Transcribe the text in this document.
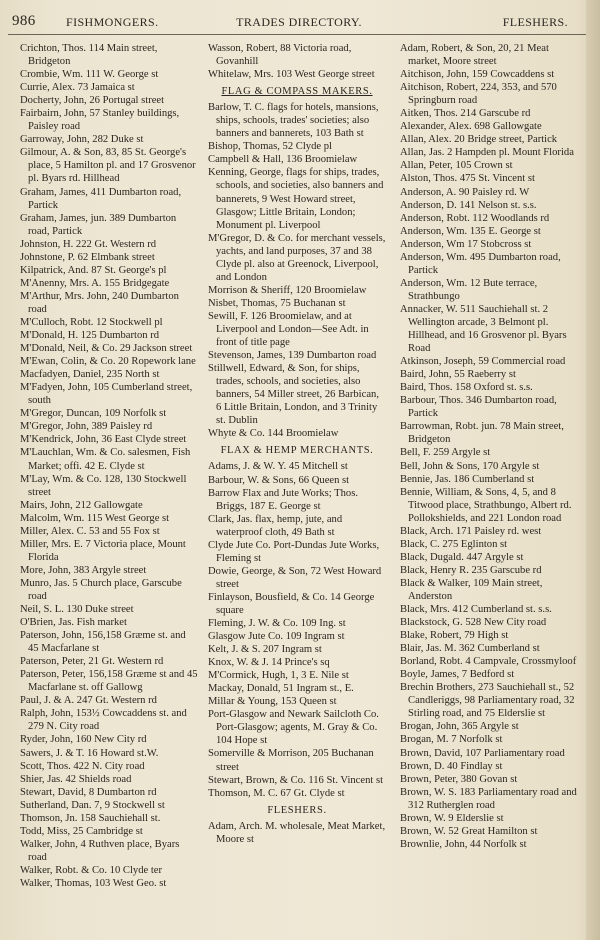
986	FISHMONGERS.	TRADES DIRECTORY.	FLESHERS.

Crichton, Thos. 114 Main street, Bridgeton

Crombie, Wm. 111 W. George st

Currie, Alex. 73 Jamaica st

Docherty, John, 26 Portugal street

Fairbairn, John, 57 Stanley buildings, Paisley road

Garroway, John, 282 Duke st

Gilmour, A. & Son, 83, 85 St. George's place, 5 Hamilton pl. and 17 Grosvenor pl. Byars rd. Hillhead

Graham, James, 411 Dumbarton road, Partick

Graham, James, jun. 389 Dumbarton road, Partick

Johnston, H. 222 Gt. Western rd

Johnstone, P. 62 Elmbank street

Kilpatrick, And. 87 St. George's pl

M'Anenny, Mrs. A. 155 Bridgegate

M'Arthur, Mrs. John, 240 Dumbarton road

M'Culloch, Robt. 12 Stockwell pl

M'Donald, H. 125 Dumbarton rd

M'Donald, Neil, & Co. 29 Jackson street

M'Ewan, Colin, & Co. 20 Ropework lane

Macfadyen, Daniel, 235 North st

M'Fadyen, John, 105 Cumberland street, south

M'Gregor, Duncan, 109 Norfolk st

M'Gregor, John, 389 Paisley rd

M'Kendrick, John, 36 East Clyde street

M'Lauchlan, Wm. & Co. salesmen, Fish Market; offi. 42 E. Clyde st

M'Lay, Wm. & Co. 128, 130 Stockwell street

Mairs, John, 212 Gallowgate

Malcolm, Wm. 115 West George st

Miller, Alex. C. 53 and 55 Fox st

Miller, Mrs. E. 7 Victoria place, Mount Florida

More, John, 383 Argyle street

Munro, Jas. 5 Church place, Garscube road

Neil, S. L. 130 Duke street

O'Brien, Jas. Fish market

Paterson, John, 156,158 Græme st. and 45 Macfarlane st

Paterson, Peter, 21 Gt. Western rd

Paterson, Peter, 156,158 Græme st and 45 Macfarlane st. off Gallowg

Paul, J. & A. 247 Gt. Western rd

Ralph, John, 153½ Cowcaddens st. and 279 N. City road

Ryder, John, 160 New City rd

Sawers, J. & T. 16 Howard st.W.

Scott, Thos. 422 N. City road

Shier, Jas. 42 Shields road

Stewart, David, 8 Dumbarton rd

Sutherland, Dan. 7, 9 Stockwell st

Thomson, Jn. 158 Sauchiehall st.

Todd, Miss, 25 Cambridge st

Walker, John, 4 Ruthven place, Byars road

Walker, Robt. & Co. 10 Clyde ter

Walker, Thomas, 103 West Geo. st

Wasson, Robert, 88 Victoria road, Govanhill

Whitelaw, Mrs. 103 West George street

FLAG & COMPASS MAKERS.

Barlow, T. C. flags for hotels, mansions, ships, schools, trades' societies; also banners and bannerets, 103 Bath st

Bishop, Thomas, 52 Clyde pl

Campbell & Hall, 136 Broomielaw

Kenning, George, flags for ships, trades, schools, and societies, also banners and bannerets, 9 West Howard street, Glasgow; Little Britain, London; Monument pl. Liverpool

M'Gregor, D. & Co. for merchant vessels, yachts, and land purposes, 37 and 38 Clyde pl. also at Greenock, Liverpool, and London

Morrison & Sheriff, 120 Broomielaw

Nisbet, Thomas, 75 Buchanan st

Sewill, F. 126 Broomielaw, and at Liverpool and London—See Adt. in front of title page

Stevenson, James, 139 Dumbarton road

Stillwell, Edward, & Son, for ships, trades, schools, and societies, also banners, 54 Miller street, 26 Barbican, 6 Little Britain, London, and 3 Trinity st. Dublin

Whyte & Co. 144 Broomielaw

FLAX & HEMP MERCHANTS.

Adams, J. & W. Y. 45 Mitchell st

Barbour, W. & Sons, 66 Queen st

Barrow Flax and Jute Works; Thos. Briggs, 187 E. George st

Clark, Jas. flax, hemp, jute, and waterproof cloth, 49 Bath st

Clyde Jute Co. Port-Dundas Jute Works, Fleming st

Dowie, George, & Son, 72 West Howard street

Finlayson, Bousfield, & Co. 14 George square

Fleming, J. W. & Co. 109 Ing. st

Glasgow Jute Co. 109 Ingram st

Kelt, J. & S. 207 Ingram st

Knox, W. & J. 14 Prince's sq

M'Cormick, Hugh, 1, 3 E. Nile st

Mackay, Donald, 51 Ingram st., E.

Millar & Young, 153 Queen st

Port-Glasgow and Newark Sailcloth Co. Port-Glasgow; agents, M. Gray & Co. 104 Hope st

Somerville & Morrison, 205 Buchanan street

Stewart, Brown, & Co. 116 St. Vincent st

Thomson, M. C. 67 Gt. Clyde st

FLESHERS.

Adam, Arch. M. wholesale, Meat Market, Moore st

Adam, Robert, & Son, 20, 21 Meat market, Moore street

Aitchison, John, 159 Cowcaddens st

Aitchison, Robert, 224, 353, and 570 Springburn road

Aitken, Thos. 214 Garscube rd

Alexander, Alex. 698 Gallowgate

Allan, Alex. 20 Bridge street, Partick

Allan, Jas. 2 Hampden pl. Mount Florida

Allan, Peter, 105 Crown st

Alston, Thos. 475 St. Vincent st

Anderson, A. 90 Paisley rd. W

Anderson, D. 141 Nelson st. s.s.

Anderson, Robt. 112 Woodlands rd

Anderson, Wm. 135 E. George st

Anderson, Wm 17 Stobcross st

Anderson, Wm. 495 Dumbarton road, Partick

Anderson, Wm. 12 Bute terrace, Strathbungo

Annacker, W. 511 Sauchiehall st. 2 Wellington arcade, 3 Belmont pl. Hillhead, and 16 Grosvenor pl. Byars Road

Atkinson, Joseph, 59 Commercial road

Baird, John, 55 Raeberry st

Baird, Thos. 158 Oxford st. s.s.

Barbour, Thos. 346 Dumbarton road, Partick

Barrowman, Robt. jun. 78 Main street, Bridgeton

Bell, F. 259 Argyle st

Bell, John & Sons, 170 Argyle st

Bennie, Jas. 186 Cumberland st

Bennie, William, & Sons, 4, 5, and 8 Titwood place, Strathbungo, Albert rd. Pollokshields, and 221 London road

Black, Arch. 171 Paisley rd. west

Black, C. 275 Eglinton st

Black, Dugald. 447 Argyle st

Black, Henry R. 235 Garscube rd

Black & Walker, 109 Main street, Anderston

Black, Mrs. 412 Cumberland st. s.s.

Blackstock, G. 528 New City road

Blake, Robert, 79 High st

Blair, Jas. M. 362 Cumberland st

Borland, Robt. 4 Campvale, Crossmyloof

Boyle, James, 7 Bedford st

Brechin Brothers, 273 Sauchiehall st., 52 Candleriggs, 98 Parliamentary road, 32 Stirling road, and 75 Elderslie st

Brogan, John, 365 Argyle st

Brogan, M. 7 Norfolk st

Brown, David, 107 Parliamentary road

Brown, D. 40 Findlay st

Brown, Peter, 380 Govan st

Brown, W. S. 183 Parliamentary road and 312 Rutherglen road

Brown, W. 9 Elderslie st

Brown, W. 52 Great Hamilton st

Brownlie, John, 44 Norfolk st
